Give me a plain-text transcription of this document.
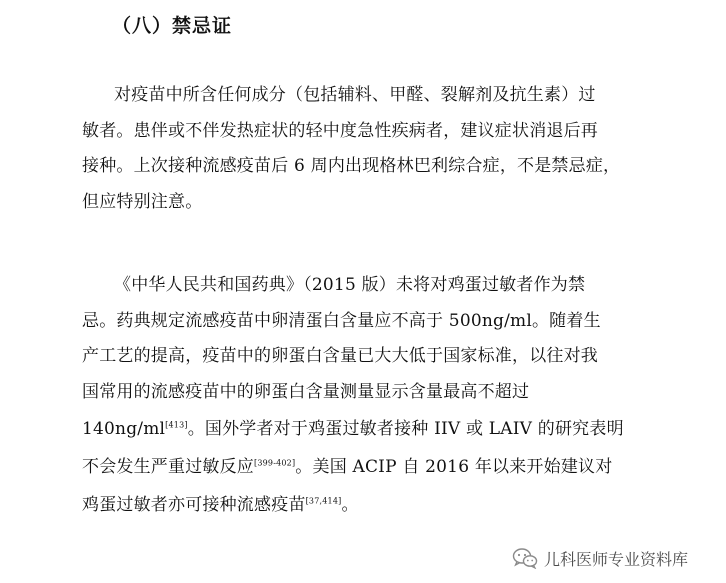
（八）禁忌证
对疫苗中所含任何成分（包括辅料、甲醛、裂解剂及抗生素）过
敏者。患伴或不伴发热症状的轻中度急性疾病者，建议症状消退后再
接种。上次接种流感疫苗后 6 周内出现格林巴利综合症，不是禁忌症，
但应特别注意。
《中华人民共和国药典》（2015 版）未将对鸡蛋过敏者作为禁
忌。药典规定流感疫苗中卵清蛋白含量应不高于 500ng/ml。随着生
产工艺的提高，疫苗中的卵蛋白含量已大大低于国家标准，以往对我
国常用的流感疫苗中的卵蛋白含量测量显示含量最高不超过
140ng/ml[413]。国外学者对于鸡蛋过敏者接种 IIV 或 LAIV 的研究表明
不会发生严重过敏反应[399-402]。美国 ACIP 自 2016 年以来开始建议对
鸡蛋过敏者亦可接种流感疫苗[37,414]。
儿科医师专业资料库
